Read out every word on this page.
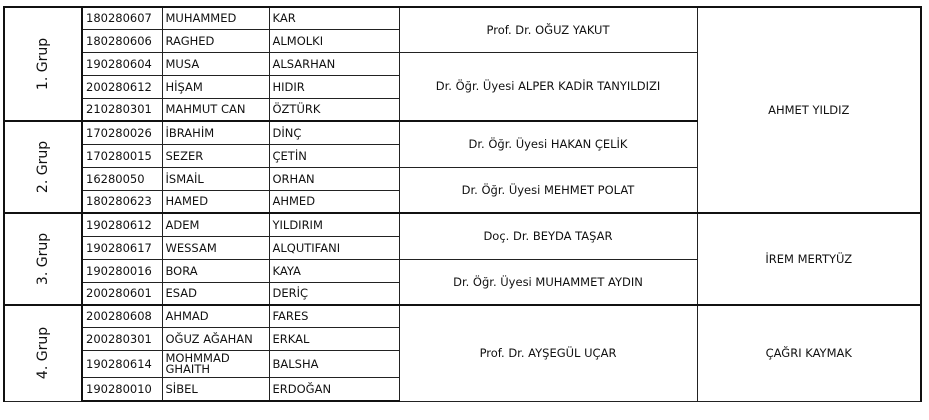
1. Grup	180280607	MUHAMMED	KAR	Prof. Dr. OĞUZ YAKUT	AHMET YILDIZ
	180280606	RAGHED	ALMOLKI		
	190280604	MUSA	ALSARHAN	Dr. Öğr. Üyesi ALPER KADİR TANYILDIZI	
	200280612	HİŞAM	HIDIR		
	210280301	MAHMUT CAN	ÖZTÜRK		

2. Grup	170280026	İBRAHİM	DİNÇ	Dr. Öğr. Üyesi HAKAN ÇELİK	
	170280015	SEZER	ÇETİN		
	16280050	İSMAİL	ORHAN	Dr. Öğr. Üyesi MEHMET POLAT	
	180280623	HAMED	AHMED		

3. Grup	190280612	ADEM	YILDIRIM	Doç. Dr. BEYDA TAŞAR	İREM MERTYÜZ
	190280617	WESSAM	ALQUTIFANI		
	190280016	BORA	KAYA	Dr. Öğr. Üyesi MUHAMMET AYDIN	
	200280601	ESAD	DERİÇ		

4. Grup	200280608	AHMAD	FARES	Prof. Dr. AYŞEGÜL UÇAR	ÇAĞRI KAYMAK
	200280301	OĞUZ AĞAHAN	ERKAL		
	190280614	MOHMMAD GHAITH	BALSHA		
	190280010	SİBEL	ERDOĞAN		
